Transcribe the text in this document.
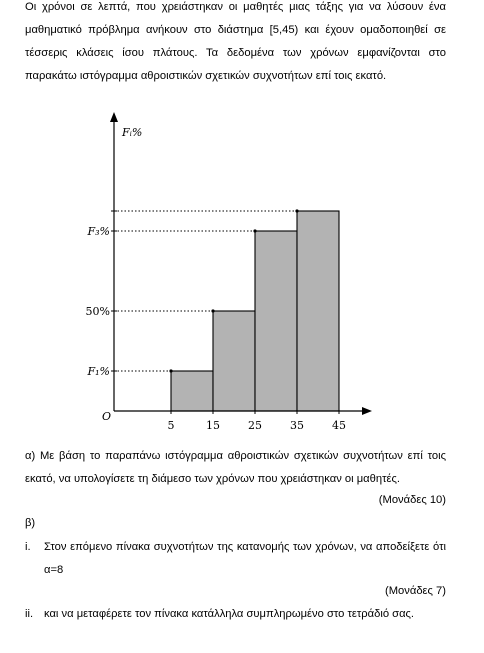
Οι χρόνοι σε λεπτά, που χρειάστηκαν οι μαθητές μιας τάξης για να λύσουν ένα
μαθηματικό πρόβλημα ανήκουν στο διάστημα [5,45) και έχουν ομαδοποιηθεί σε
τέσσερις κλάσεις ίσου πλάτους. Τα δεδομένα των χρόνων εμφανίζονται στο
παρακάτω ιστόγραμμα αθροιστικών σχετικών συχνοτήτων επί τοις εκατό.
Fᵢ%
O
5	15	25	35	45
F₁%
50%
F₃%
α) Με βάση το παραπάνω ιστόγραμμα αθροιστικών σχετικών συχνοτήτων επί τοις
εκατό, να υπολογίσετε τη διάμεσο των χρόνων που χρειάστηκαν οι μαθητές.
(Μονάδες 10)
β)
i. Στον επόμενο πίνακα συχνοτήτων της κατανομής των χρόνων, να αποδείξετε ότι
α=8
(Μονάδες 7)
ii. και να μεταφέρετε τον πίνακα κατάλληλα συμπληρωμένο στο τετράδιό σας.
